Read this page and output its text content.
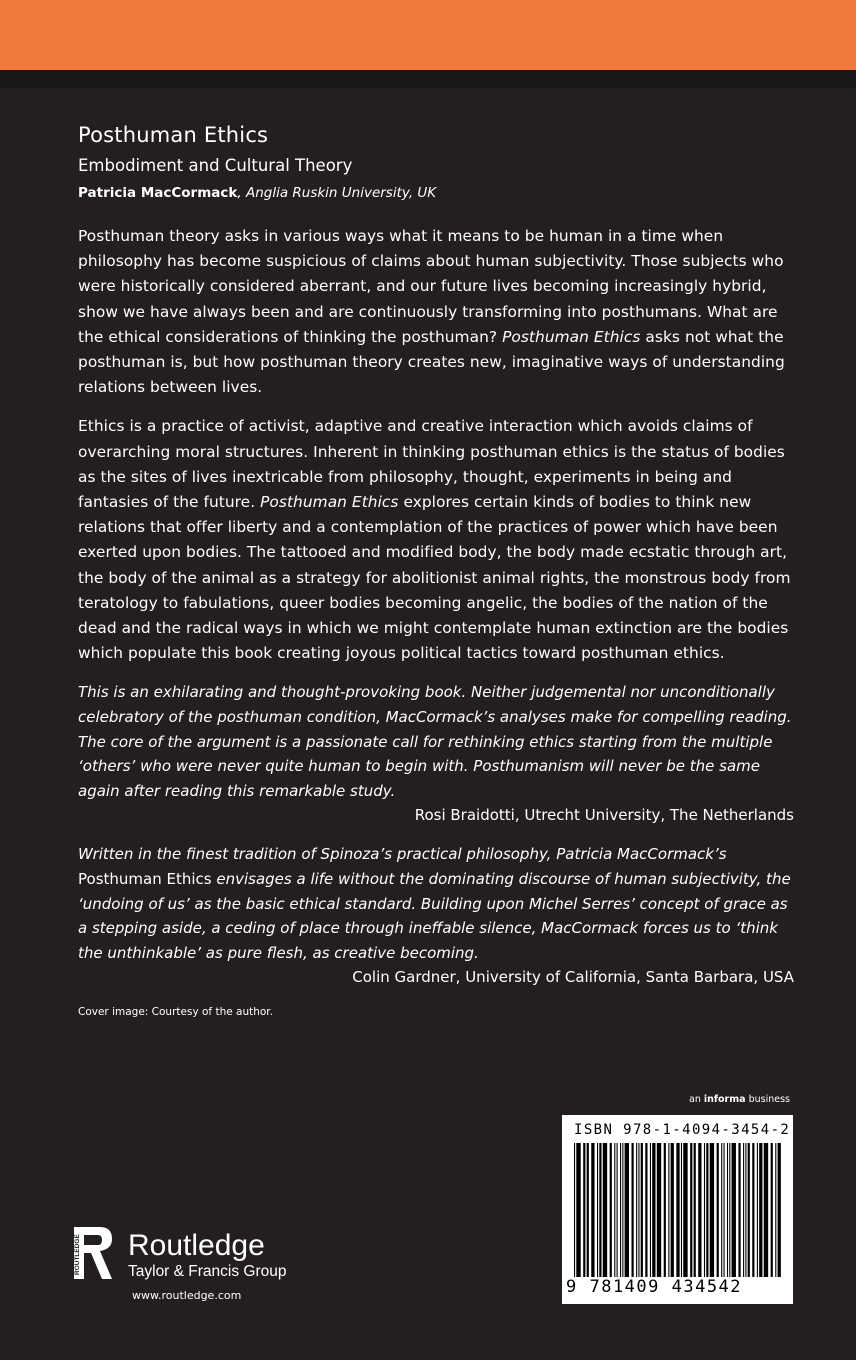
Posthuman Ethics
Embodiment and Cultural Theory
Patricia MacCormack, Anglia Ruskin University, UK

Posthuman theory asks in various ways what it means to be human in a time when philosophy has become suspicious of claims about human subjectivity. Those subjects who were historically considered aberrant, and our future lives becoming increasingly hybrid, show we have always been and are continuously transforming into posthumans. What are the ethical considerations of thinking the posthuman? Posthuman Ethics asks not what the posthuman is, but how posthuman theory creates new, imaginative ways of understanding relations between lives.

Ethics is a practice of activist, adaptive and creative interaction which avoids claims of overarching moral structures. Inherent in thinking posthuman ethics is the status of bodies as the sites of lives inextricable from philosophy, thought, experiments in being and fantasies of the future. Posthuman Ethics explores certain kinds of bodies to think new relations that offer liberty and a contemplation of the practices of power which have been exerted upon bodies. The tattooed and modified body, the body made ecstatic through art, the body of the animal as a strategy for abolitionist animal rights, the monstrous body from teratology to fabulations, queer bodies becoming angelic, the bodies of the nation of the dead and the radical ways in which we might contemplate human extinction are the bodies which populate this book creating joyous political tactics toward posthuman ethics.

This is an exhilarating and thought-provoking book. Neither judgemental nor unconditionally celebratory of the posthuman condition, MacCormack’s analyses make for compelling reading. The core of the argument is a passionate call for rethinking ethics starting from the multiple ‘others’ who were never quite human to begin with. Posthumanism will never be the same again after reading this remarkable study.

Rosi Braidotti, Utrecht University, The Netherlands

Written in the finest tradition of Spinoza’s practical philosophy, Patricia MacCormack’s Posthuman Ethics envisages a life without the dominating discourse of human subjectivity, the ‘undoing of us’ as the basic ethical standard. Building upon Michel Serres’ concept of grace as a stepping aside, a ceding of place through ineffable silence, MacCormack forces us to ‘think the unthinkable’ as pure flesh, as creative becoming.

Colin Gardner, University of California, Santa Barbara, USA
Cover image: Courtesy of the author.
an informa business
ISBN 978-1-4094-3454-2
9 781409 434542
ROUTLEDGE Routledge
Taylor & Francis Group
www.routledge.com
